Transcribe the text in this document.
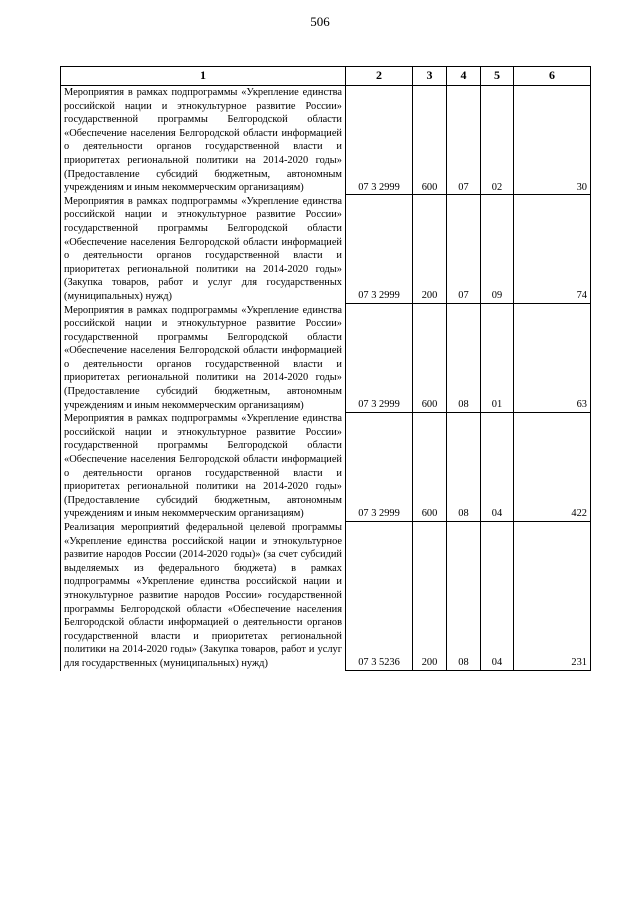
506
1	2	3	4	5	6
Мероприятия в рамках подпрограммы «Укрепление единства российской нации и этнокультурное развитие России» государственной программы Белгородской области «Обеспечение населения Белгородской области информацией о деятельности органов государственной власти и приоритетах региональной политики на 2014-2020 годы» (Предоставление субсидий бюджетным, автономным учреждениям и иным некоммерческим организациям)	07 3 2999	600	07	02	30
Мероприятия в рамках подпрограммы «Укрепление единства российской нации и этнокультурное развитие России» государственной программы Белгородской области «Обеспечение населения Белгородской области информацией о деятельности органов государственной власти и приоритетах региональной политики на 2014-2020 годы» (Закупка товаров, работ и услуг для государственных (муниципальных) нужд)	07 3 2999	200	07	09	74
Мероприятия в рамках подпрограммы «Укрепление единства российской нации и этнокультурное развитие России» государственной программы Белгородской области «Обеспечение населения Белгородской области информацией о деятельности органов государственной власти и приоритетах региональной политики на 2014-2020 годы» (Предоставление субсидий бюджетным, автономным учреждениям и иным некоммерческим организациям)	07 3 2999	600	08	01	63
Мероприятия в рамках подпрограммы «Укрепление единства российской нации и этнокультурное развитие России» государственной программы Белгородской области «Обеспечение населения Белгородской области информацией о деятельности органов государственной власти и приоритетах региональной политики на 2014-2020 годы» (Предоставление субсидий бюджетным, автономным учреждениям и иным некоммерческим организациям)	07 3 2999	600	08	04	422
Реализация мероприятий федеральной целевой программы «Укрепление единства российской нации и этнокультурное развитие народов России (2014-2020 годы)» (за счет субсидий выделяемых из федерального бюджета) в рамках подпрограммы «Укрепление единства российской нации и этнокультурное развитие народов России» государственной программы Белгородской области «Обеспечение населения Белгородской области информацией о деятельности органов государственной власти и приоритетах региональной политики на 2014-2020 годы» (Закупка товаров, работ и услуг для государственных (муниципальных) нужд)	07 3 5236	200	08	04	231
